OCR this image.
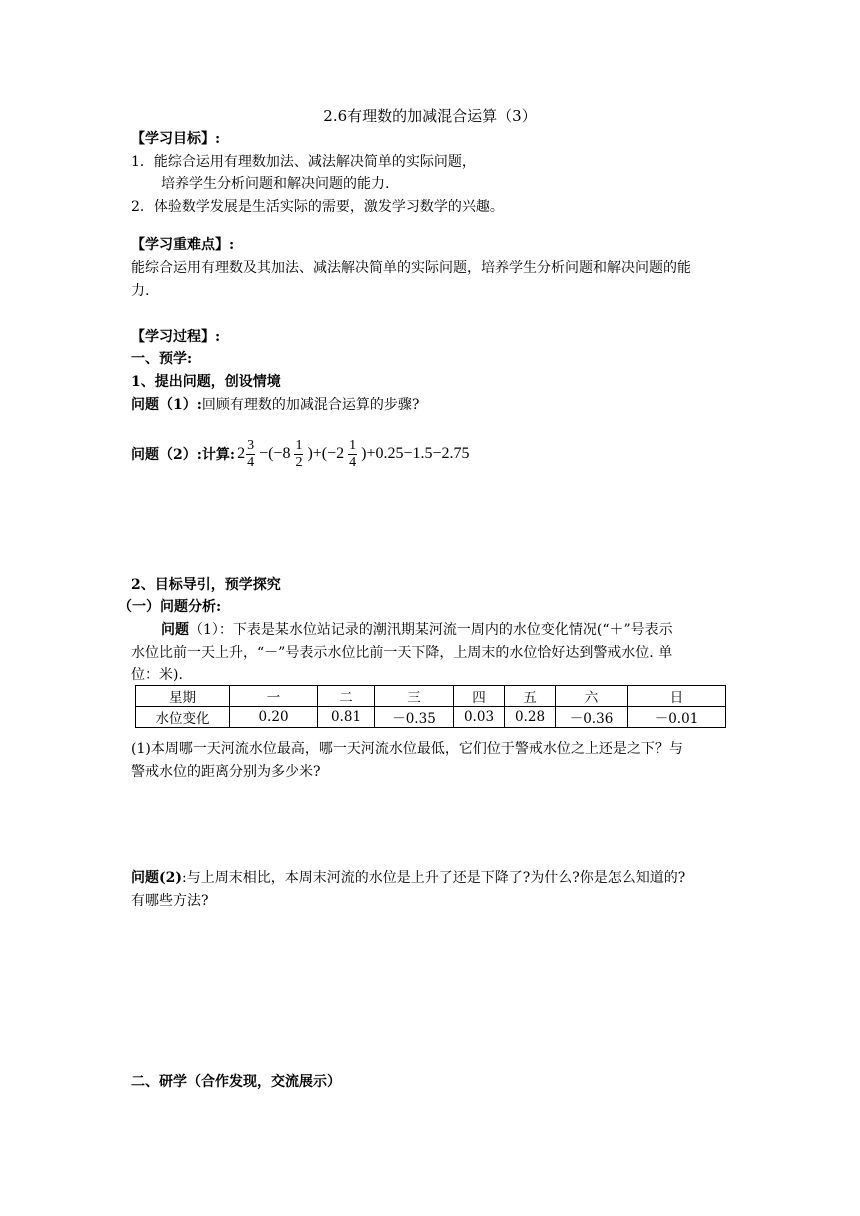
2.6有理数的加减混合运算（3）
【学习目标】:
1．能综合运用有理数加法、减法解决简单的实际问题，
培养学生分析问题和解决问题的能力.
2．体验数学发展是生活实际的需要，激发学习数学的兴趣。
【学习重难点】:
能综合运用有理数及其加法、减法解决简单的实际问题，培养学生分析问题和解决问题的能
力.
【学习过程】:
一、预学:
1、提出问题，创设情境
问题（1）:回顾有理数的加减混合运算的步骤?
问题（2）:计算: $2 \frac{3}{4} -(-8 \frac{1}{2} )+(-2 \frac{1}{4} )+0.25-1.5-2.75$
2、目标导引，预学探究
（一）问题分析:
问题（1）：下表是某水位站记录的潮汛期某河流一周内的水位变化情况(“＋”号表示
水位比前一天上升，“－”号表示水位比前一天下降，上周末的水位恰好达到警戒水位. 单
位：米).
星期	一	二	三	四	五	六	日
水位变化	0.20	0.81	－0.35	0.03	0.28	－0.36	－0.01
(1)本周哪一天河流水位最高，哪一天河流水位最低，它们位于警戒水位之上还是之下？与
警戒水位的距离分别为多少米?
问题(2):与上周末相比，本周末河流的水位是上升了还是下降了?为什么?你是怎么知道的?
有哪些方法?
二、研学（合作发现，交流展示）
